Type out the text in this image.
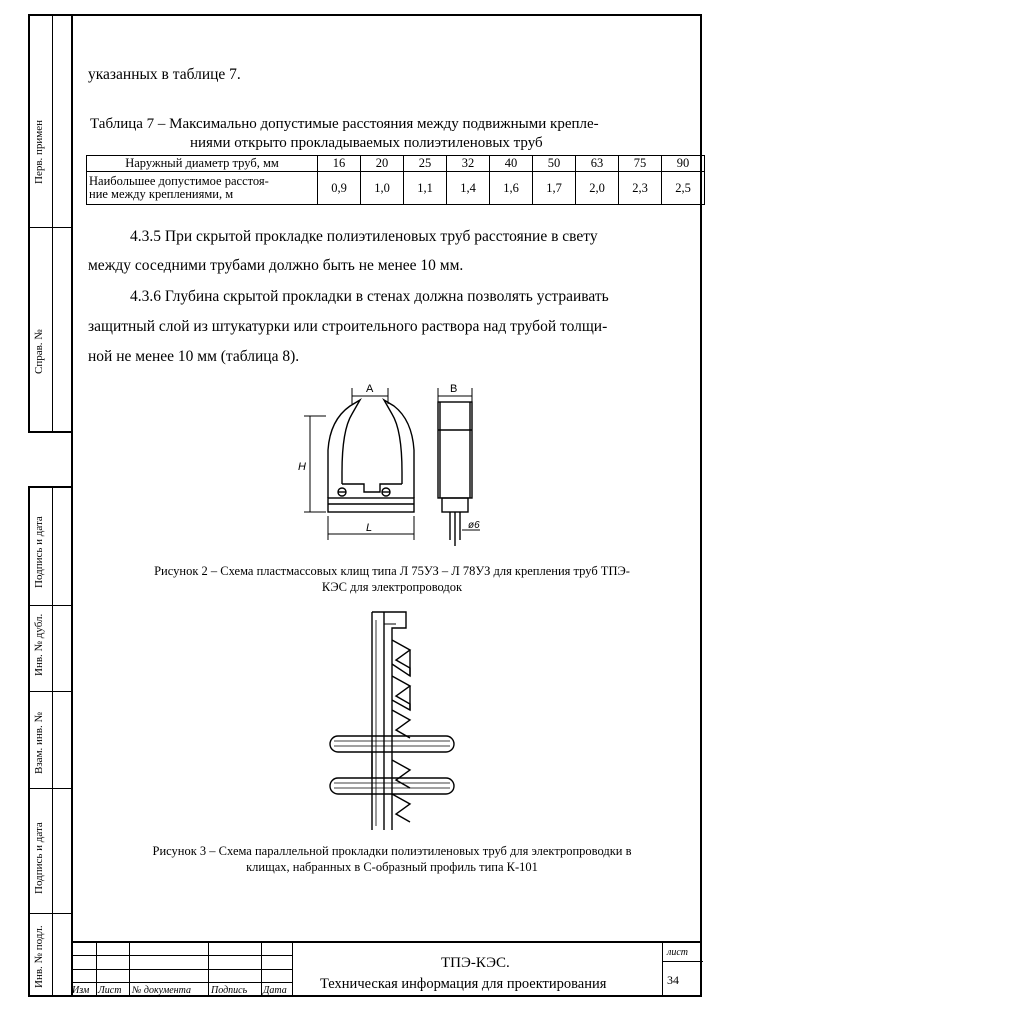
Перв. примен
Справ. №
Подпись и дата
Инв. № дубл.
Взам. инв. №
Подпись и дата
Инв. № подл.
указанных в таблице 7.
Таблица 7 – Максимально допустимые расстояния между подвижными крепле-
ниями открыто прокладываемых полиэтиленовых труб
Наружный диаметр труб, мм	16	20	25	32	40	50	63	75	90

Наибольшее допустимое расстоя-
ние между креплениями, м	0,9	1,0	1,1	1,4	1,6	1,7	2,0	2,3	2,5
4.3.5 При скрытой прокладке полиэтиленовых труб расстояние в свету
между соседними трубами должно быть не менее 10 мм.
4.3.6 Глубина скрытой прокладки в стенах должна позволять устраивать
защитный слой из штукатурки или строительного раствора над трубой толщи-
ной не менее 10 мм (таблица 8).
A	B
H
L	ø6
Рисунок 2 – Схема пластмассовых клищ типа Л 75УЗ – Л 78УЗ для крепления труб ТПЭ-
КЭС для электропроводок
Рисунок 3 – Схема параллельной прокладки полиэтиленовых труб для электропроводки в
клищах, набранных в С-образный профиль типа К-101
Изм Лист № документа Подпись Дата
лист
34
ТПЭ-КЭС.
Техническая информация для проектирования
